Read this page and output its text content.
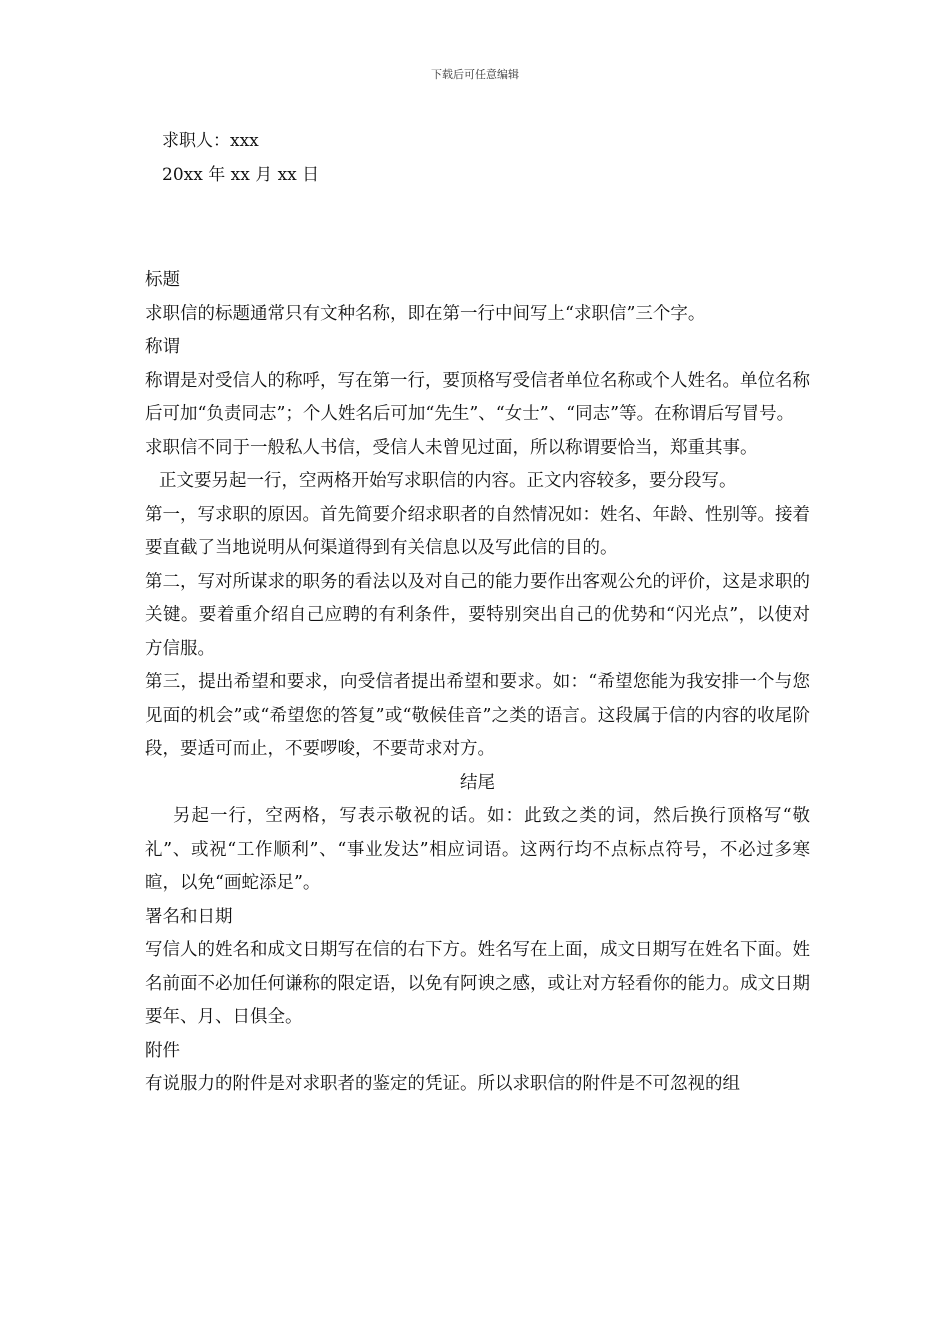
下载后可任意编辑
求职人：xxx
20xx 年 xx 月 xx 日

标题

求职信的标题通常只有文种名称，即在第一行中间写上“求职信”三个字。

称谓

称谓是对受信人的称呼，写在第一行，要顶格写受信者单位名称或个人姓名。单位名称后可加“负责同志”；个人姓名后可加“先生”、“女士”、“同志”等。在称谓后写冒号。

求职信不同于一般私人书信，受信人未曾见过面，所以称谓要恰当，郑重其事。

正文要另起一行，空两格开始写求职信的内容。正文内容较多，要分段写。

第一，写求职的原因。首先简要介绍求职者的自然情况如：姓名、年龄、性别等。接着要直截了当地说明从何渠道得到有关信息以及写此信的目的。

第二，写对所谋求的职务的看法以及对自己的能力要作出客观公允的评价，这是求职的关键。要着重介绍自己应聘的有利条件，要特别突出自己的优势和“闪光点”，以使对方信服。

第三，提出希望和要求，向受信者提出希望和要求。如：“希望您能为我安排一个与您见面的机会”或“希望您的答复”或“敬候佳音”之类的语言。这段属于信的内容的收尾阶段，要适可而止，不要啰唆，不要苛求对方。

结尾

另起一行，空两格，写表示敬祝的话。如：此致之类的词，然后换行顶格写“敬礼”、或祝“工作顺利”、“事业发达”相应词语。这两行均不点标点符号，不必过多寒暄，以免“画蛇添足”。

署名和日期

写信人的姓名和成文日期写在信的右下方。姓名写在上面，成文日期写在姓名下面。姓名前面不必加任何谦称的限定语，以免有阿谀之感，或让对方轻看你的能力。成文日期要年、月、日俱全。

附件

有说服力的附件是对求职者的鉴定的凭证。所以求职信的附件是不可忽视的组
